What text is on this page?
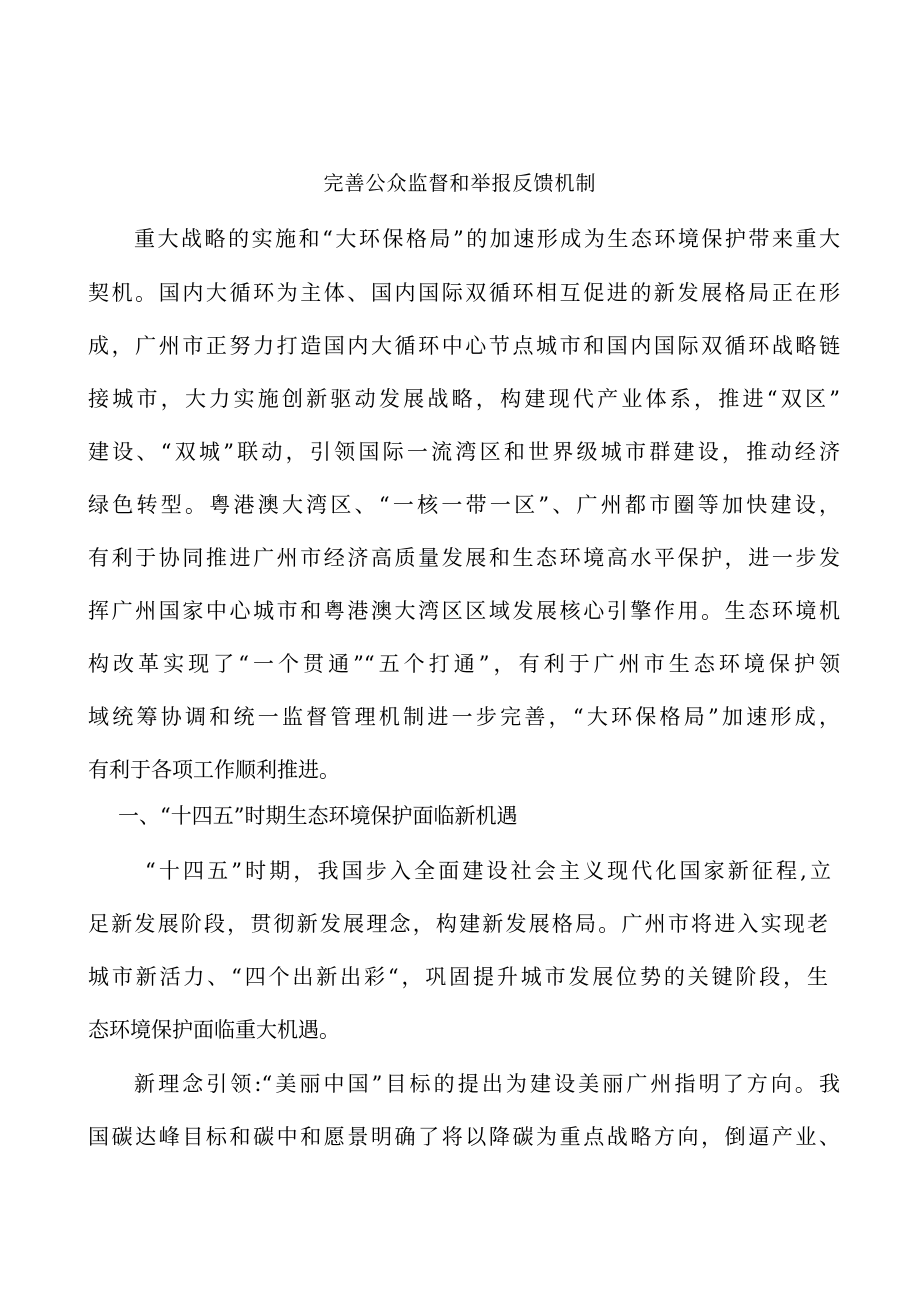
完善公众监督和举报反馈机制

重大战略的实施和“大环保格局”的加速形成为生态环境保护带来重大

契机。国内大循环为主体、国内国际双循环相互促进的新发展格局正在形

成，广州市正努力打造国内大循环中心节点城市和国内国际双循环战略链

接城市，大力实施创新驱动发展战略，构建现代产业体系，推进“双区”

建设、“双城”联动，引领国际一流湾区和世界级城市群建设，推动经济

绿色转型。粤港澳大湾区、“一核一带一区”、广州都市圈等加快建设，

有利于协同推进广州市经济高质量发展和生态环境高水平保护，进一步发

挥广州国家中心城市和粤港澳大湾区区域发展核心引擎作用。生态环境机

构改革实现了“一个贯通”“五个打通”，有利于广州市生态环境保护领

域统筹协调和统一监督管理机制进一步完善，“大环保格局”加速形成，

有利于各项工作顺利推进。

一、“十四五”时期生态环境保护面临新机遇

“十四五”时期，我国步入全面建设社会主义现代化国家新征程,立

足新发展阶段，贯彻新发展理念，构建新发展格局。广州市将进入实现老

城市新活力、“四个出新出彩“，巩固提升城市发展位势的关键阶段，生

态环境保护面临重大机遇。

新理念引领:“美丽中国”目标的提出为建设美丽广州指明了方向。我

国碳达峰目标和碳中和愿景明确了将以降碳为重点战略方向，倒逼产业、
